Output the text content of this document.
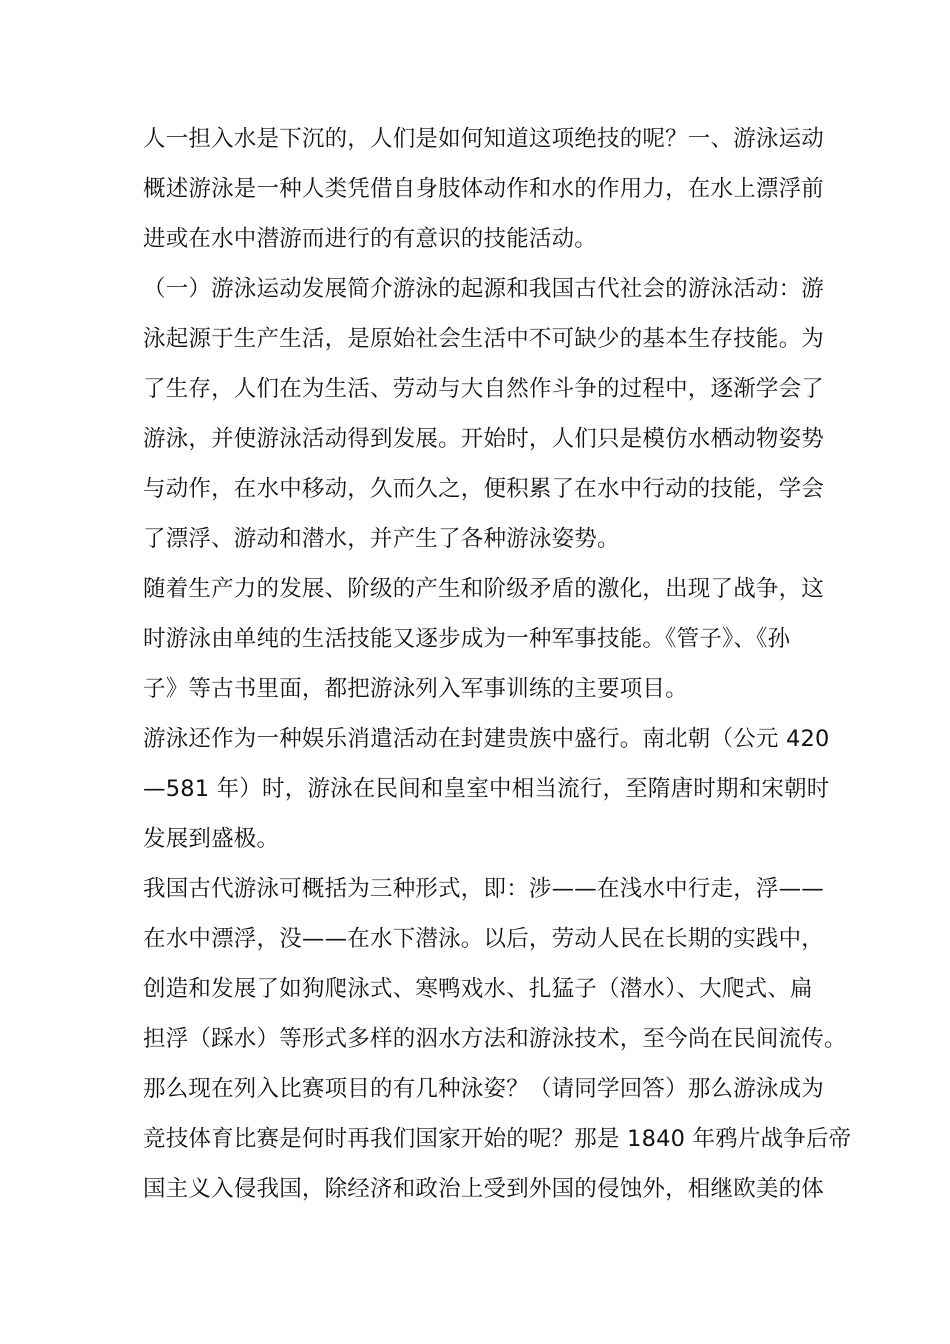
人一担入水是下沉的，人们是如何知道这项绝技的呢？一、游泳运动
概述游泳是一种人类凭借自身肢体动作和水的作用力，在水上漂浮前
进或在水中潜游而进行的有意识的技能活动。
（一）游泳运动发展简介游泳的起源和我国古代社会的游泳活动：游
泳起源于生产生活，是原始社会生活中不可缺少的基本生存技能。为
了生存，人们在为生活、劳动与大自然作斗争的过程中，逐渐学会了
游泳，并使游泳活动得到发展。开始时，人们只是模仿水栖动物姿势
与动作，在水中移动，久而久之，便积累了在水中行动的技能，学会
了漂浮、游动和潜水，并产生了各种游泳姿势。
随着生产力的发展、阶级的产生和阶级矛盾的激化，出现了战争，这
时游泳由单纯的生活技能又逐步成为一种军事技能。《管子》、《孙
子》等古书里面，都把游泳列入军事训练的主要项目。
游泳还作为一种娱乐消遣活动在封建贵族中盛行。南北朝（公元 420
—581 年）时，游泳在民间和皇室中相当流行，至隋唐时期和宋朝时
发展到盛极。
我国古代游泳可概括为三种形式，即：涉——在浅水中行走，浮——
在水中漂浮，没——在水下潜泳。以后，劳动人民在长期的实践中，
创造和发展了如狗爬泳式、寒鸭戏水、扎猛子（潜水）、大爬式、扁
担浮（踩水）等形式多样的泅水方法和游泳技术，至今尚在民间流传。
那么现在列入比赛项目的有几种泳姿？（请同学回答）那么游泳成为
竞技体育比赛是何时再我们国家开始的呢？那是 1840 年鸦片战争后帝
国主义入侵我国，除经济和政治上受到外国的侵蚀外，相继欧美的体
